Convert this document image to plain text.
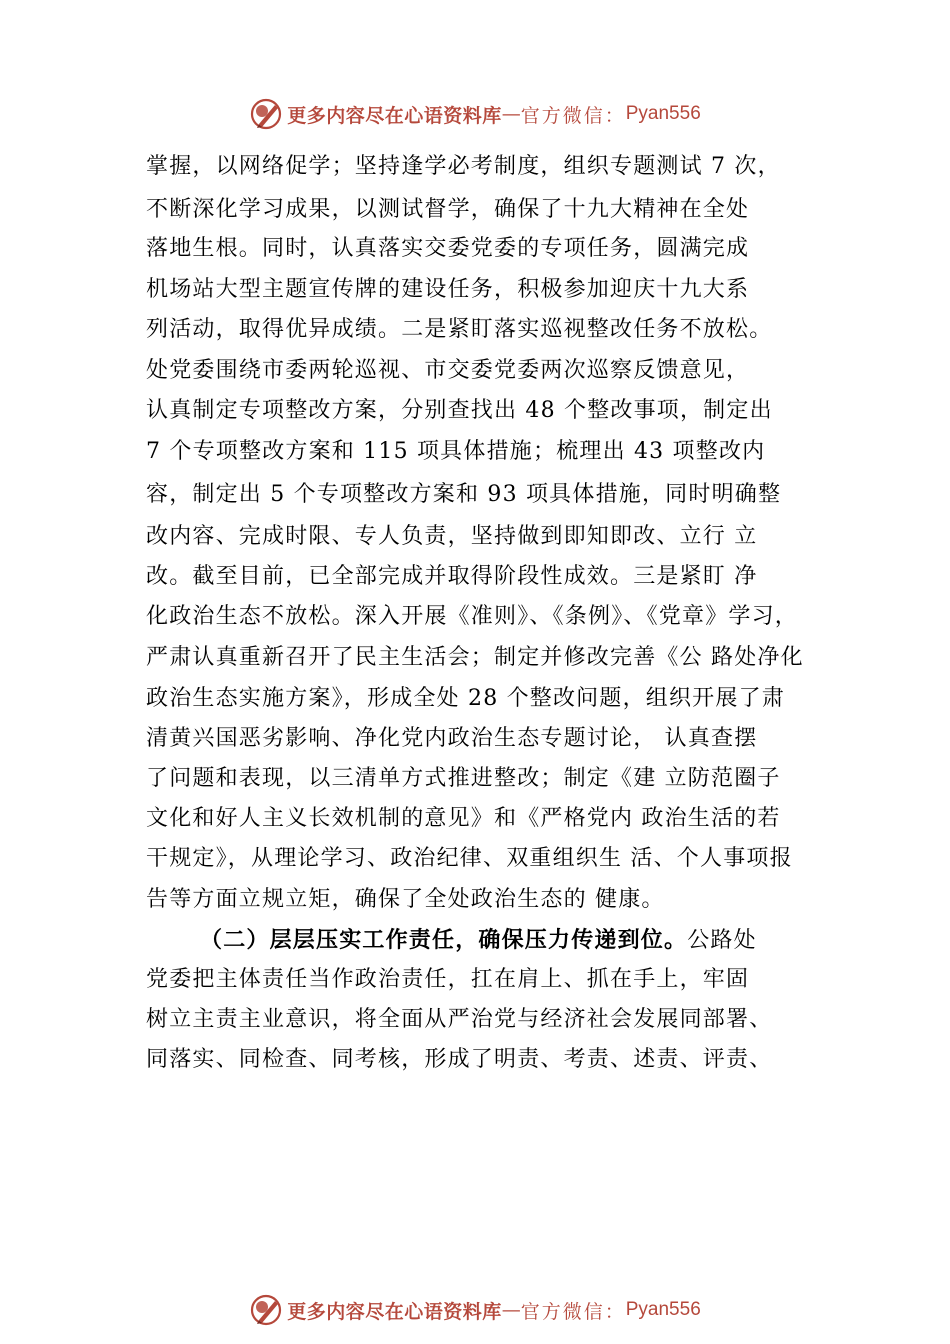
更多内容尽在心语资料库 — 官方微信： Pyan556
掌握，以网络促学；坚持逢学必考制度，组织专题测试 7 次，
不断深化学习成果，以测试督学，确保了十九大精神在全处
落地生根。同时，认真落实交委党委的专项任务，圆满完成
机场站大型主题宣传牌的建设任务，积极参加迎庆十九大系
列活动，取得优异成绩。二是紧盯落实巡视整改任务不放松。
处党委围绕市委两轮巡视、市交委党委两次巡察反馈意见，
认真制定专项整改方案，分别查找出 48 个整改事项，制定出
7 个专项整改方案和 115 项具体措施；梳理出 43 项整改内
容，制定出 5 个专项整改方案和 93 项具体措施，同时明确整
改内容、完成时限、专人负责，坚持做到即知即改、立行 立
改。截至目前，已全部完成并取得阶段性成效。三是紧盯 净
化政治生态不放松。深入开展《准则》、《条例》、《党章》学习，
严肃认真重新召开了民主生活会；制定并修改完善《公 路处净化
政治生态实施方案》，形成全处 28 个整改问题，组织开展了肃
清黄兴国恶劣影响、净化党内政治生态专题讨论， 认真查摆
了问题和表现，以三清单方式推进整改；制定《建 立防范圈子
文化和好人主义长效机制的意见》和《严格党内 政治生活的若
干规定》，从理论学习、政治纪律、双重组织生 活、个人事项报
告等方面立规立矩，确保了全处政治生态的 健康。
（二）层层压实工作责任，确保压力传递到位。公路处
党委把主体责任当作政治责任，扛在肩上、抓在手上，牢固
树立主责主业意识，将全面从严治党与经济社会发展同部署、
同落实、同检查、同考核，形成了明责、考责、述责、评责、
更多内容尽在心语资料库 — 官方微信： Pyan556
